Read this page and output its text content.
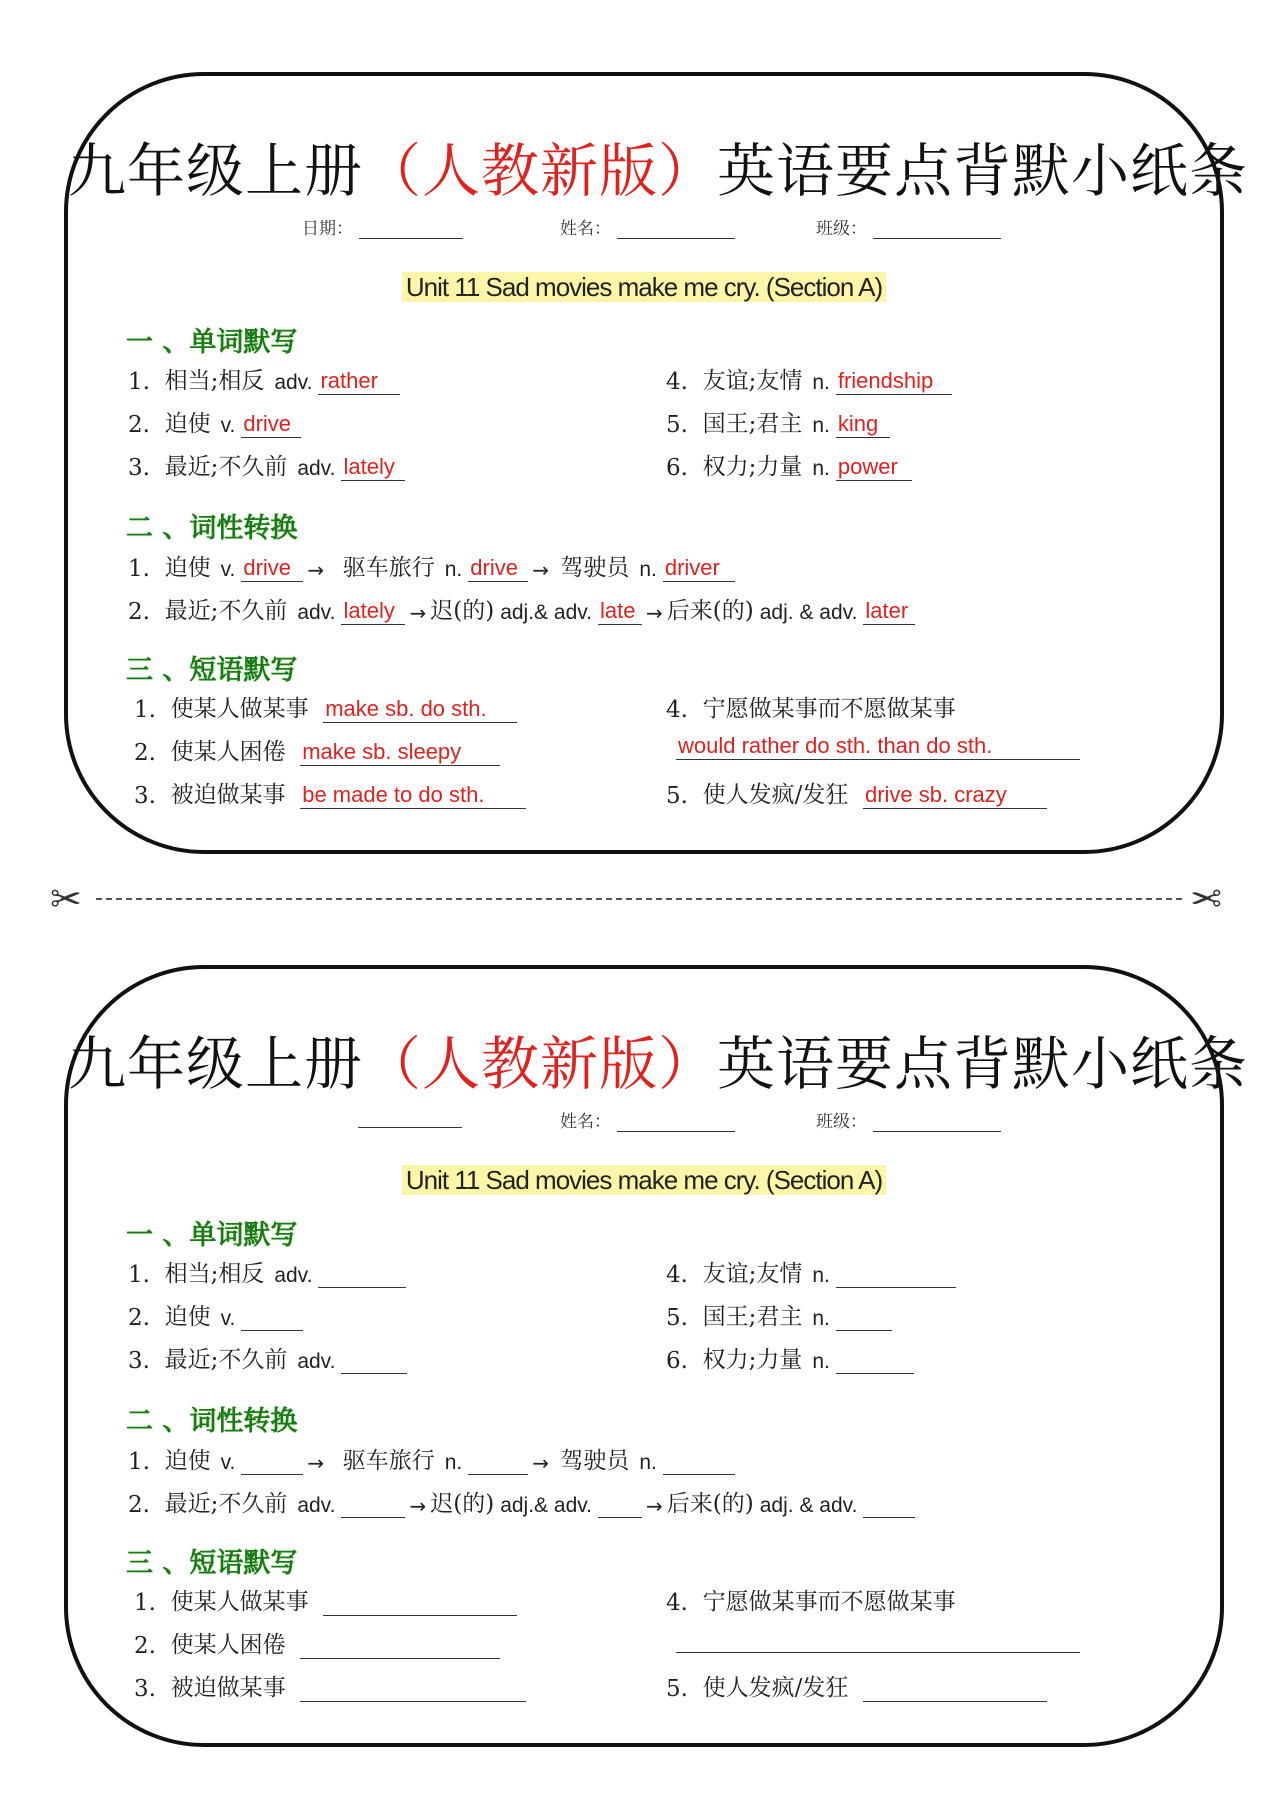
九年级上册（人教新版）英语要点背默小纸条
日期：	姓名：	班级：
Unit 11 Sad movies make me cry. (Section A)
一 、单词默写
1.
相当;相反 adv. rather
2.
迫使 v. drive
3.
最近;不久前 adv. lately
4.
友谊;友情 n. friendship
5.
国王;君主 n. king
6.
权力;力量 n. power
二 、词性转换
1.
迫使 v. drive →
驱车旅行 n. drive →
驾驶员 n. driver
2.
最近;不久前 adv. lately → 迟(的) adj.& adv. late → 后来(的) adj. & adv. later
三 、短语默写
1.
使某人做某事
make sb. do sth.
2.
使某人困倦
make sb. sleepy
3.
被迫做某事
be made to do sth.
4.
宁愿做某事而不愿做某事
would rather do sth. than do sth.
5.
使人发疯/发狂
drive sb. crazy
✂	✂
九年级上册（人教新版）英语要点背默小纸条
姓名：	班级：
Unit 11 Sad movies make me cry. (Section A)
一 、单词默写
1.
相当;相反 adv.
2.
迫使 v.
3.
最近;不久前 adv.
4.
友谊;友情 n.
5.
国王;君主 n.
6.
权力;力量 n.
二 、词性转换
1.
迫使 v.	→
驱车旅行 n.	→
驾驶员 n.
2.
最近;不久前 adv.	→ 迟(的) adj.& adv.	→ 后来(的) adj. & adv.
三 、短语默写
1.
使某人做某事

2.
使某人困倦

3.
被迫做某事

4.
宁愿做某事而不愿做某事
5.
使人发疯/发狂
